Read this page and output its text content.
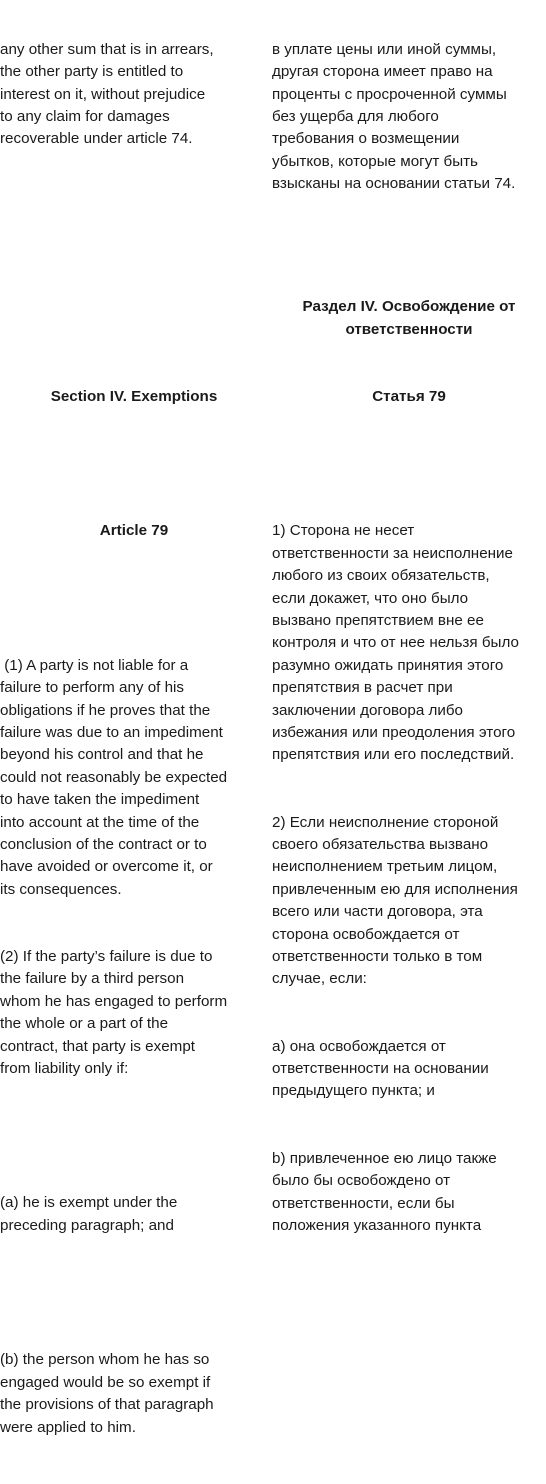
any other sum that is in arrears,
the other party is entitled to
interest on it, without prejudice
to any claim for damages
recoverable under article 74.

Section IV. Exemptions

Article 79

(1) A party is not liable for a
failure to perform any of his
obligations if he proves that the
failure was due to an impediment
beyond his control and that he
could not reasonably be expected
to have taken the impediment
into account at the time of the
conclusion of the contract or to
have avoided or overcome it, or
its consequences.

(2) If the party’s failure is due to
the failure by a third person
whom he has engaged to perform
the whole or a part of the
contract, that party is exempt
from liability only if:

(a) he is exempt under the
preceding paragraph; and

(b) the person whom he has so
engaged would be so exempt if
the provisions of that paragraph
were applied to him.

в уплате цены или иной суммы,
другая сторона имеет право на
проценты с просроченной суммы
без ущерба для любого
требования о возмещении
убытков, которые могут быть
взысканы на основании статьи 74.

Раздел IV. Освобождение от
ответственности

Статья 79

1) Сторона не несет
ответственности за неисполнение
любого из своих обязательств,
если докажет, что оно было
вызвано препятствием вне ее
контроля и что от нее нельзя было
разумно ожидать принятия этого
препятствия в расчет при
заключении договора либо
избежания или преодоления этого
препятствия или его последствий.

2) Если неисполнение стороной
своего обязательства вызвано
неисполнением третьим лицом,
привлеченным ею для исполнения
всего или части договора, эта
сторона освобождается от
ответственности только в том
случае, если:

а) она освобождается от
ответственности на основании
предыдущего пункта; и

b) привлеченное ею лицо также
было бы освобождено от
ответственности, если бы
положения указанного пункта
